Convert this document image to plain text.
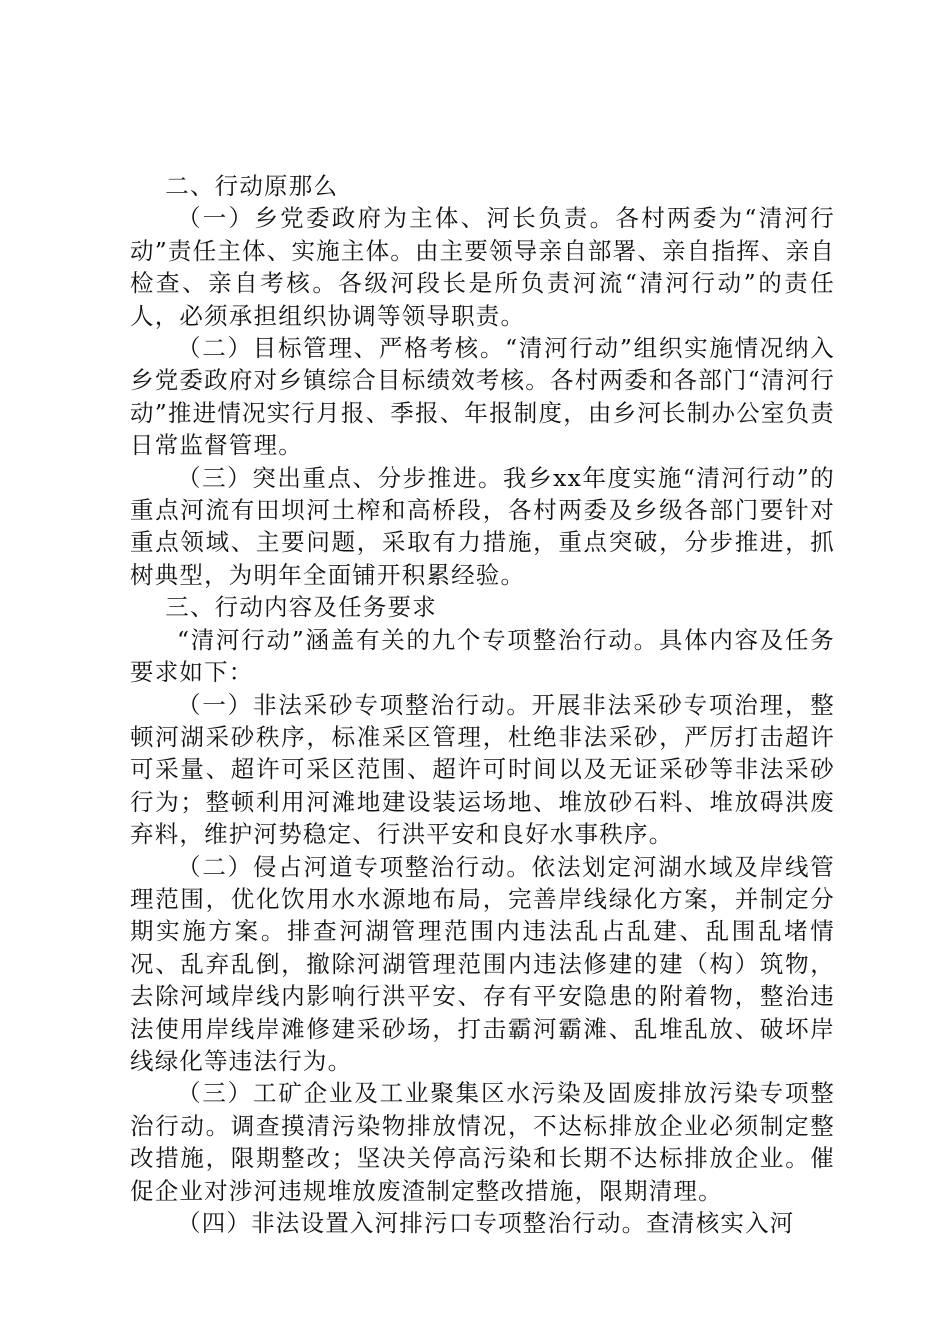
二、行动原那么

（一）乡党委政府为主体、河长负责。各村两委为“清河行动”责任主体、实施主体。由主要领导亲自部署、亲自指挥、亲自检查、亲自考核。各级河段长是所负责河流“清河行动”的责任人，必须承担组织协调等领导职责。

（二）目标管理、严格考核。“清河行动”组织实施情况纳入乡党委政府对乡镇综合目标绩效考核。各村两委和各部门“清河行动”推进情况实行月报、季报、年报制度，由乡河长制办公室负责日常监督管理。

（三）突出重点、分步推进。我乡xx年度实施“清河行动”的重点河流有田坝河土榨和高桥段，各村两委及乡级各部门要针对重点领域、主要问题，采取有力措施，重点突破，分步推进，抓树典型，为明年全面铺开积累经验。

三、行动内容及任务要求

“清河行动”涵盖有关的九个专项整治行动。具体内容及任务要求如下：

（一）非法采砂专项整治行动。开展非法采砂专项治理，整顿河湖采砂秩序，标准采区管理，杜绝非法采砂，严厉打击超许可采量、超许可采区范围、超许可时间以及无证采砂等非法采砂行为；整顿利用河滩地建设装运场地、堆放砂石料、堆放碍洪废弃料，维护河势稳定、行洪平安和良好水事秩序。

（二）侵占河道专项整治行动。依法划定河湖水域及岸线管理范围，优化饮用水水源地布局，完善岸线绿化方案，并制定分期实施方案。排查河湖管理范围内违法乱占乱建、乱围乱堵情况、乱弃乱倒，撤除河湖管理范围内违法修建的建（构）筑物，去除河域岸线内影响行洪平安、存有平安隐患的附着物，整治违法使用岸线岸滩修建采砂场，打击霸河霸滩、乱堆乱放、破坏岸线绿化等违法行为。

（三）工矿企业及工业聚集区水污染及固废排放污染专项整治行动。调查摸清污染物排放情况，不达标排放企业必须制定整改措施，限期整改；坚决关停高污染和长期不达标排放企业。催促企业对涉河违规堆放废渣制定整改措施，限期清理。

（四）非法设置入河排污口专项整治行动。查清核实入河
